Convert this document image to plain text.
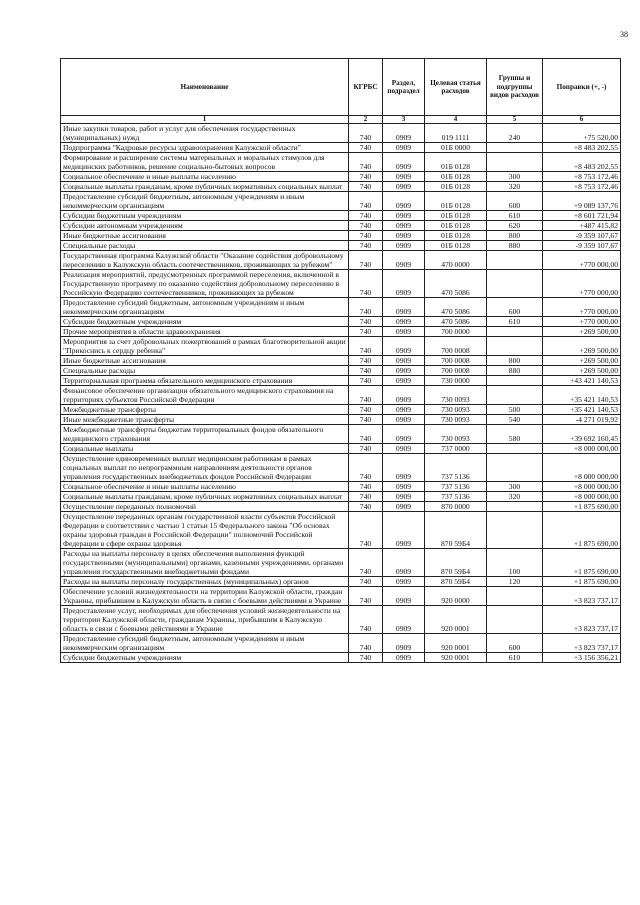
38
Наименование	КГРБС	Раздел, подраздел	Целевая статья расходов	Группы и подгруппы видов расходов	Поправки (+, -)
1	2	3	4	5	6
Иные закупки товаров, работ и услуг для обеспечения государственных (муниципальных) нужд	740	0909	019 1111	240	+75 520,00
Подпрограмма "Кадровые ресурсы здравоохранения Калужской области"	740	0909	01Б 0000		+8 483 202,55
Формирование и расширение системы материальных и моральных стимулов для медицинских работников, решение социально-бытовых вопросов	740	0909	01Б 0128		+8 483 202,55
Социальное обеспечение и иные выплаты населению	740	0909	01Б 0128	300	+8 753 172,46
Социальные выплаты гражданам, кроме публичных нормативных социальных выплат	740	0909	01Б 0128	320	+8 753 172,46
Предоставление субсидий бюджетным, автономным учреждениям и иным некоммерческим организациям	740	0909	01Б 0128	600	+9 089 137,76
Субсидии бюджетным учреждениям	740	0909	01Б 0128	610	+8 601 721,94
Субсидии автономным учреждениям	740	0909	01Б 0128	620	+487 415,82
Иные бюджетные ассигнования	740	0909	01Б 0128	800	-9 359 107,67
Специальные расходы	740	0909	01Б 0128	880	-9 359 107,67
Государственная программа Калужской области "Оказание содействия добровольному переселению в Калужскую область соотечественников, проживающих за рубежом"	740	0909	470 0000		+770 000,00
Реализация мероприятий, предусмотренных программой переселения, включенной в Государственную программу по оказанию содействия добровольному переселению в Российскую Федерацию соотечественников, проживающих за рубежом	740	0909	470 5086		+770 000,00
Предоставление субсидий бюджетным, автономным учреждениям и иным некоммерческим организациям	740	0909	470 5086	600	+770 000,00
Субсидии бюджетным учреждениям	740	0909	470 5086	610	+770 000,00
Прочие мероприятия в области здравоохранения	740	0909	700 0000		+269 500,00
Мероприятия за счет добровольных пожертвований в рамках благотворительной акции "Прикоснись к сердцу ребенка"	740	0909	700 0008		+269 500,00
Иные бюджетные ассигнования	740	0909	700 0008	800	+269 500,00
Специальные расходы	740	0909	700 0008	880	+269 500,00
Территориальная программа обязательного медицинского страхования	740	0909	730 0000		+43 421 140,53
Финансовое обеспечение организации обязательного медицинского страхования на территориях субъектов Российской Федерации	740	0909	730 0093		+35 421 140,53
Межбюджетные трансферты	740	0909	730 0093	500	+35 421 140,53
Иные межбюджетные трансферты	740	0909	730 0093	540	-4 271 019,92
Межбюджетные трансферты бюджетам территориальных фондов обязательного медицинского страхования	740	0909	730 0093	580	+39 692 160,45
Социальные выплаты	740	0909	737 0000		+8 000 000,00
Осуществление единовременных выплат медицинским работникам в рамках социальных выплат по непрограммным направлениям деятельности органов управления государственных внебюджетных фондов Российской Федерации	740	0909	737 5136		+8 000 000,00
Социальное обеспечение и иные выплаты населению	740	0909	737 5136	300	+8 000 000,00
Социальные выплаты гражданам, кроме публичных нормативных социальных выплат	740	0909	737 5136	320	+8 000 000,00
Осуществление переданных полномочий	740	0909	870 0000		+1 875 690,00
Осуществление переданных органам государственной власти субъектов Российской Федерации в соответствии с частью 1 статьи 15 Федерального закона "Об основах охраны здоровья граждан в Российской Федерации" полномочий Российской Федерации в сфере охраны здоровья	740	0909	870 59Б4		+1 875 690,00
Расходы на выплаты персоналу в целях обеспечения выполнения функций государственными (муниципальными) органами, казенными учреждениями, органами управления государственными внебюджетными фондами	740	0909	870 59Б4	100	+1 875 690,00
Расходы на выплаты персоналу государственных (муниципальных) органов	740	0909	870 59Б4	120	+1 875 690,00
Обеспечение условий жизнедеятельности на территории Калужской области, граждан Украины, прибывшим в Калужскую область в связи с боевыми действиями в Украине	740	0909	920 0000		+3 823 737,17
Предоставление услуг, необходимых для обеспечения условий жизнедеятельности на территории Калужской области, гражданам Украины, прибывшим в Калужскую область в связи с боевыми действиями в Украине	740	0909	920 0001		+3 823 737,17
Предоставление субсидий бюджетным, автономным учреждениям и иным некоммерческим организациям	740	0909	920 0001	600	+3 823 737,17
Субсидии бюджетным учреждениям	740	0909	920 0001	610	+3 156 356,21
